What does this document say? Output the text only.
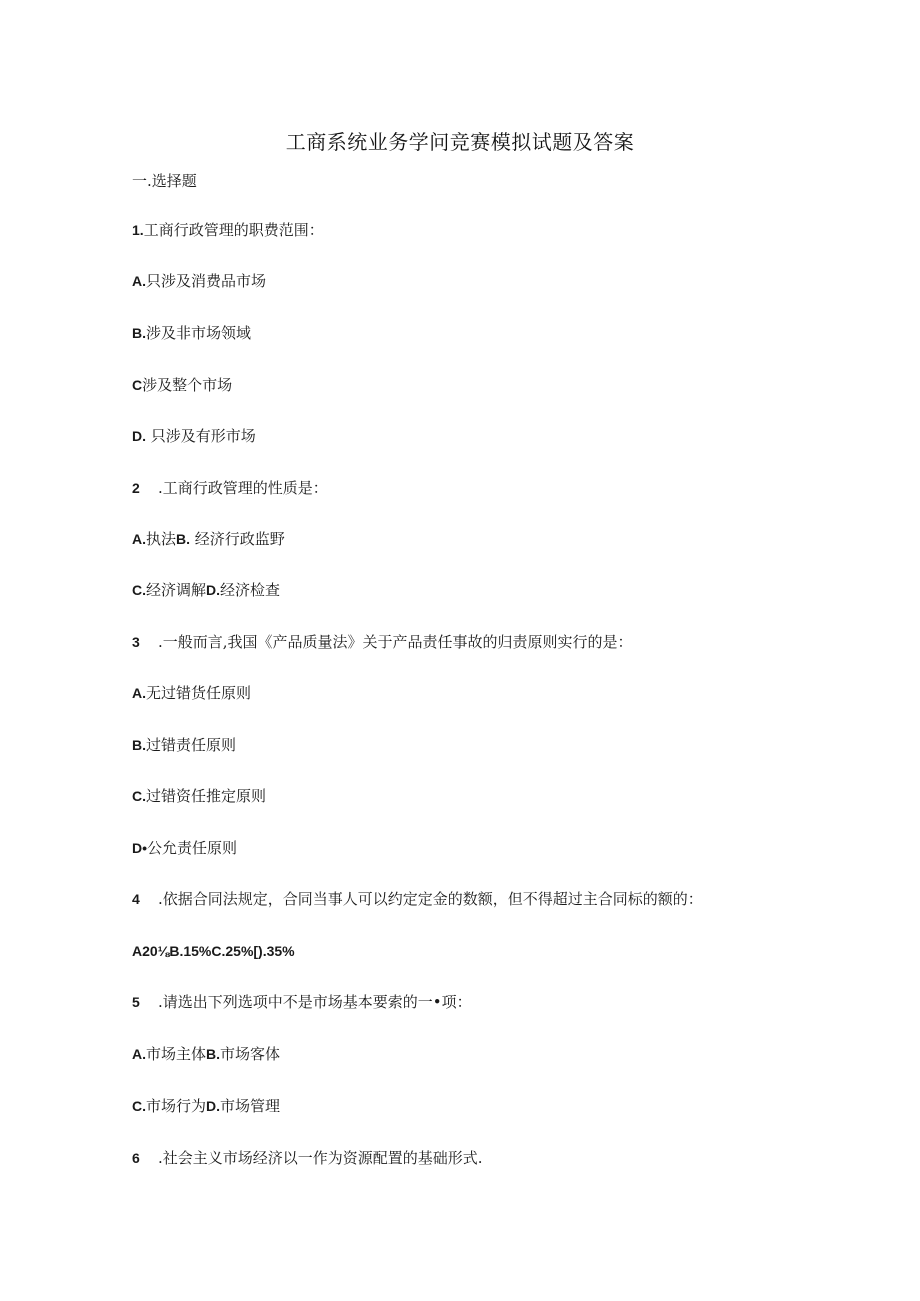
工商系统业务学问竞赛模拟试题及答案
一.选择题
1.工商行政管理的职费范围：
A.只涉及消费品市场
B.涉及非市场领域
C涉及整个市场
D. 只涉及有形市场
2 .工商行政管理的性质是：
A.执法B. 经济行政监野
C.经济调解D.经济检查
3 .一般而言,我国《产品质量法》关于产品责任事故的归责原则实行的是：
A.无过错货任原则
B.过错责任原则
C.过错资任推定原则
D•公允责任原则
4 .依据合同法规定，合同当事人可以约定定金的数额，但不得超过主合同标的额的：
A20⅛B.15%C.25%[).35%
5 .请选出下列选项中不是市场基本要索的一•项：
A.市场主体B.市场客体
C.市场行为D.市场管理
6 .社会主义市场经济以一作为资源配置的基础形式.
